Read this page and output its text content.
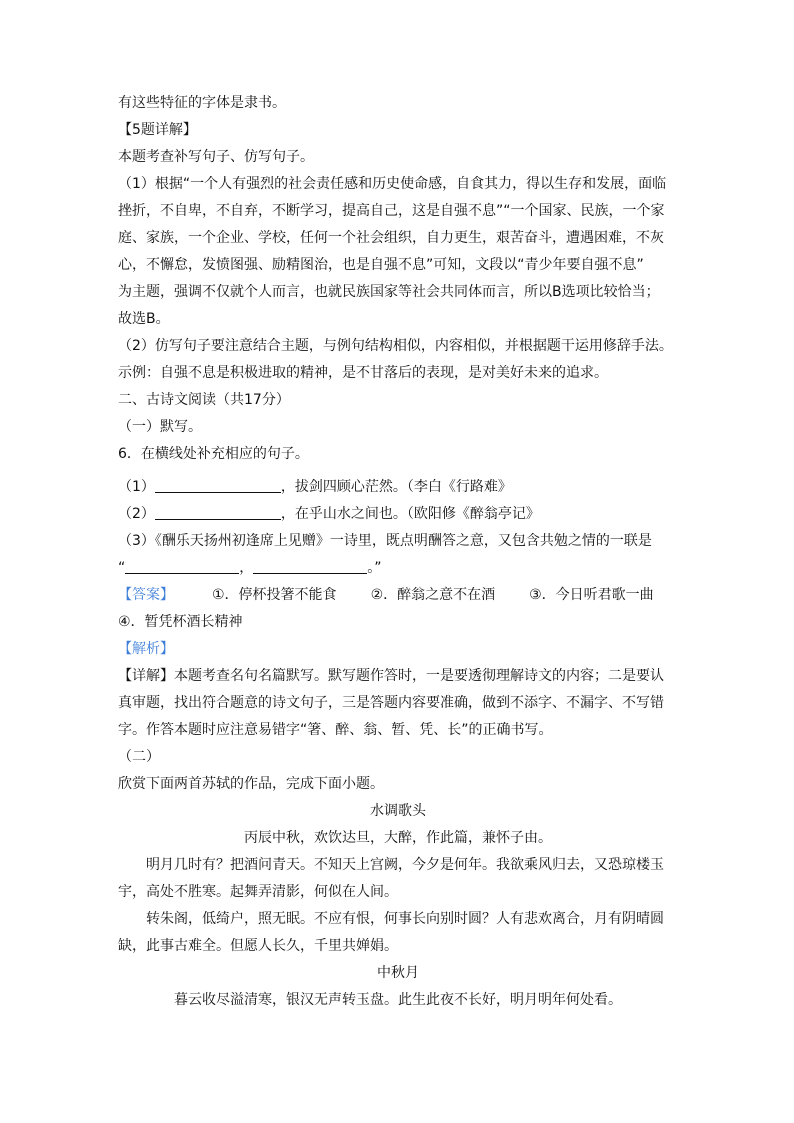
有这些特征的字体是隶书。
【5题详解】
本题考查补写句子、仿写句子。
（1）根据“一个人有强烈的社会责任感和历史使命感，自食其力，得以生存和发展，面临
挫折，不自卑，不自弃，不断学习，提高自己，这是自强不息”“一个国家、民族，一个家
庭、家族，一个企业、学校，任何一个社会组织，自力更生，艰苦奋斗，遭遇困难，不灰
心，不懈怠，发愤图强、励精图治，也是自强不息”可知，文段以“青少年要自强不息”
为主题，强调不仅就个人而言，也就民族国家等社会共同体而言，所以B选项比较恰当；
故选B。
（2）仿写句子要注意结合主题，与例句结构相似，内容相似，并根据题干运用修辞手法。
示例：自强不息是积极进取的精神，是不甘落后的表现，是对美好未来的追求。
二、古诗文阅读（共17分）
（一）默写。
6．在横线处补充相应的句子。
（1）	，拔剑四顾心茫然。（李白《行路难》
（2）	，在乎山水之间也。（欧阳修《醉翁亭记》
（3）《酬乐天扬州初逢席上见赠》一诗里，既点明酬答之意，又包含共勉之情的一联是
“	，	。”
【答案】	①．停杯投箸不能食 ②．醉翁之意不在酒 ③．今日听君歌一曲
④．暂凭杯酒长精神
【解析】
【详解】本题考查名句名篇默写。默写题作答时，一是要透彻理解诗文的内容；二是要认
真审题，找出符合题意的诗文句子，三是答题内容要准确，做到不添字、不漏字、不写错
字。作答本题时应注意易错字“箸、醉、翁、暂、凭、长”的正确书写。
（二）
欣赏下面两首苏轼的作品，完成下面小题。
水调歌头
丙辰中秋，欢饮达旦，大醉，作此篇，兼怀子由。
明月几时有？把酒问青天。不知天上宫阙，今夕是何年。我欲乘风归去，又恐琼楼玉
宇，高处不胜寒。起舞弄清影，何似在人间。
转朱阁，低绮户，照无眠。不应有恨，何事长向别时圆？人有悲欢离合，月有阴晴圆
缺，此事古难全。但愿人长久，千里共婵娟。
中秋月
暮云收尽溢清寒，银汉无声转玉盘。此生此夜不长好，明月明年何处看。
